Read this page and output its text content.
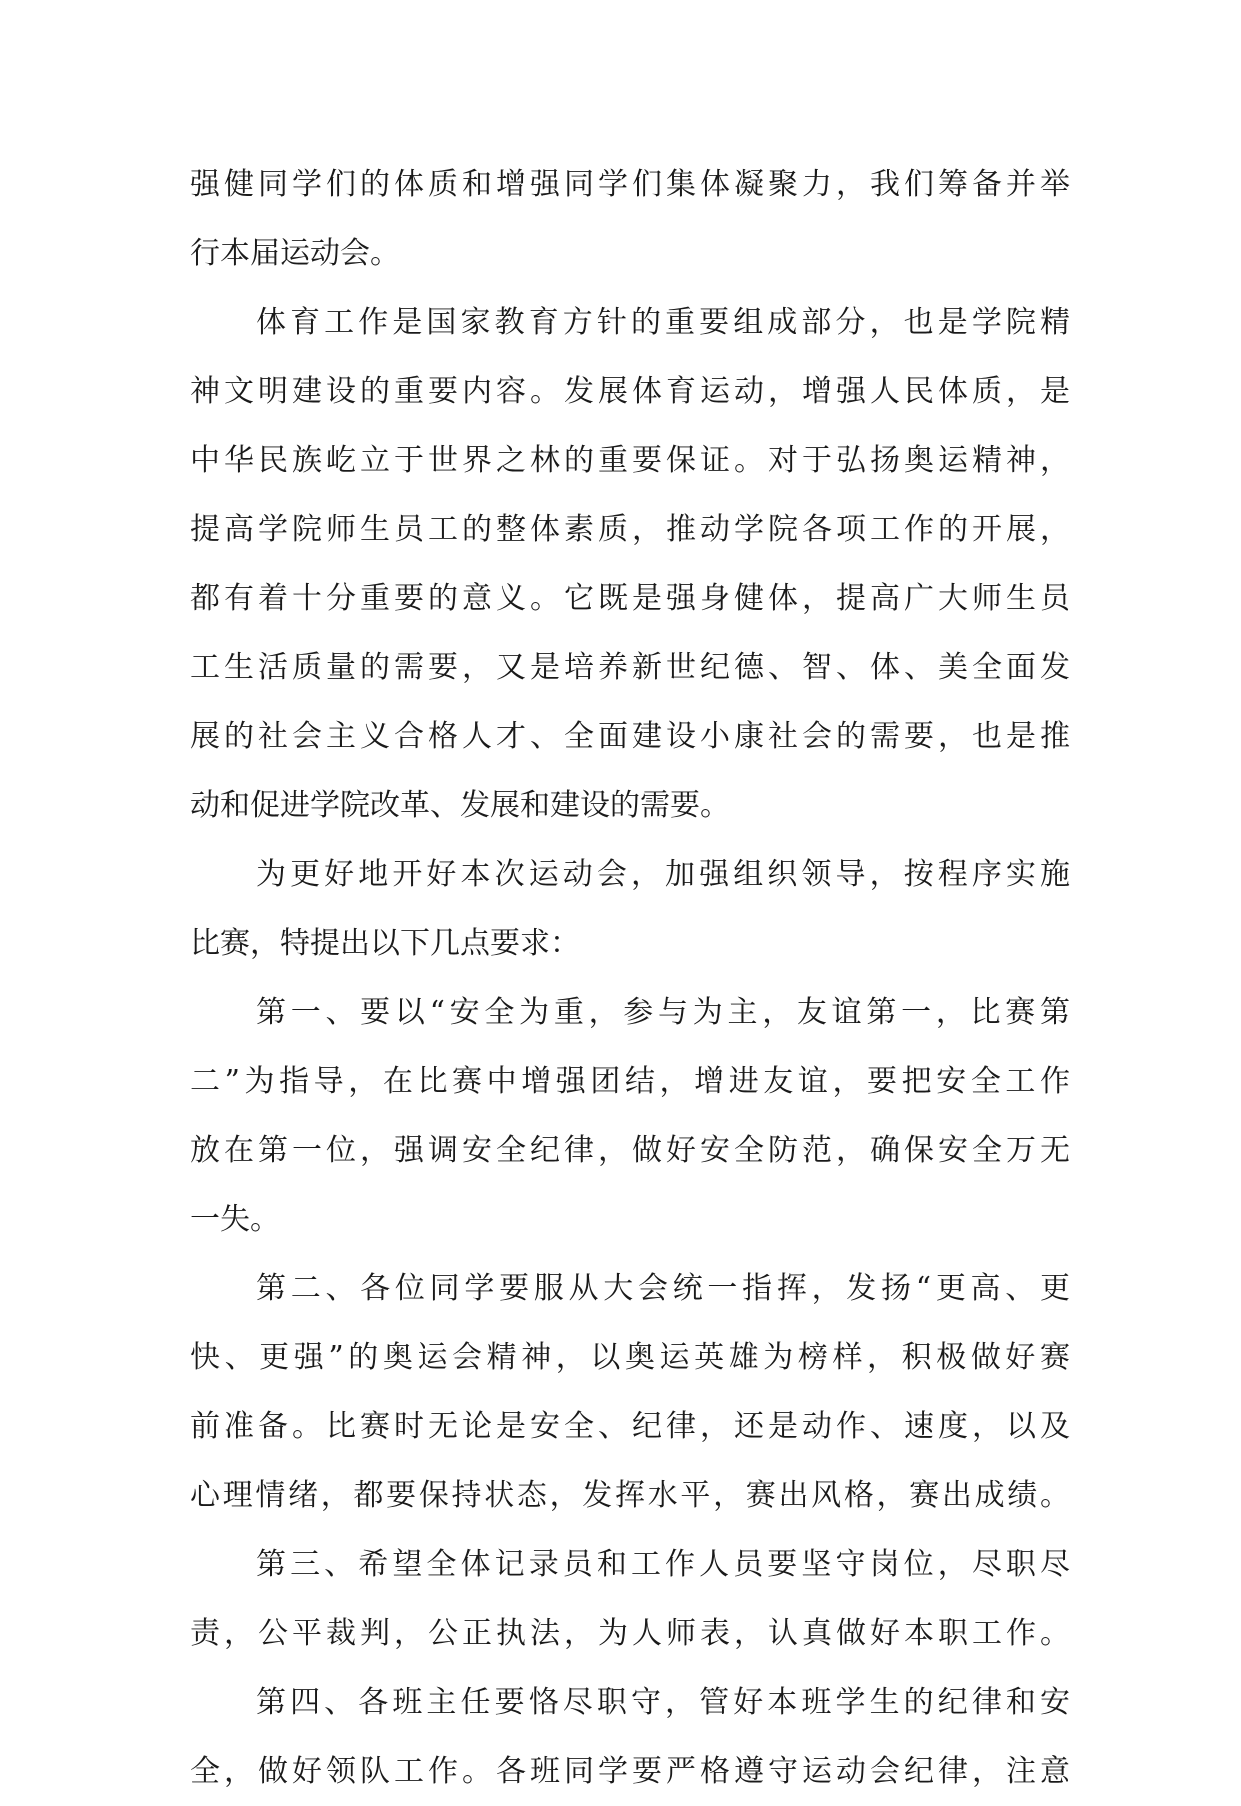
强健同学们的体质和增强同学们集体凝聚力，我们筹备并举
行本届运动会。
体育工作是国家教育方针的重要组成部分，也是学院精
神文明建设的重要内容。发展体育运动，增强人民体质，是
中华民族屹立于世界之林的重要保证。对于弘扬奥运精神，
提高学院师生员工的整体素质，推动学院各项工作的开展，
都有着十分重要的意义。它既是强身健体，提高广大师生员
工生活质量的需要，又是培养新世纪德、智、体、美全面发
展的社会主义合格人才、全面建设小康社会的需要，也是推
动和促进学院改革、发展和建设的需要。
为更好地开好本次运动会，加强组织领导，按程序实施
比赛，特提出以下几点要求：
第一、要以“安全为重，参与为主，友谊第一，比赛第
二”为指导，在比赛中增强团结，增进友谊，要把安全工作
放在第一位，强调安全纪律，做好安全防范，确保安全万无
一失。
第二、各位同学要服从大会统一指挥，发扬“更高、更
快、更强”的奥运会精神，以奥运英雄为榜样，积极做好赛
前准备。比赛时无论是安全、纪律，还是动作、速度，以及
心理情绪，都要保持状态，发挥水平，赛出风格，赛出成绩。
第三、希望全体记录员和工作人员要坚守岗位，尽职尽
责，公平裁判，公正执法，为人师表，认真做好本职工作。
第四、各班主任要恪尽职守，管好本班学生的纪律和安
全，做好领队工作。各班同学要严格遵守运动会纪律，注意
